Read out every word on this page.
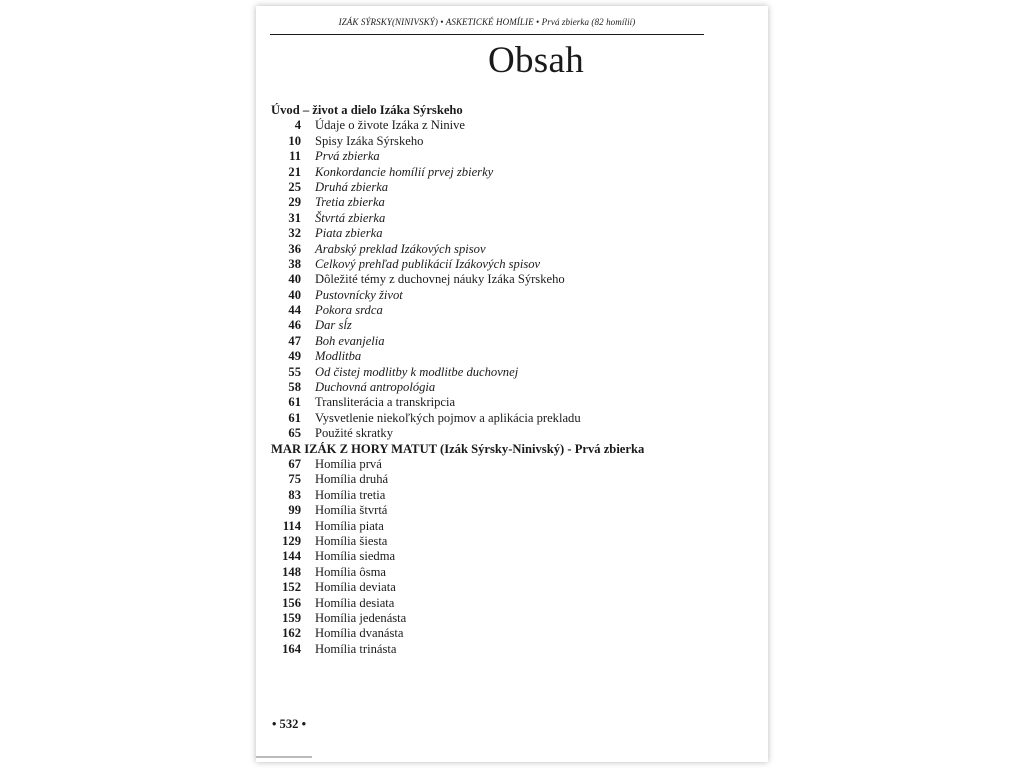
IZÁK SÝRSKY(NINIVSKÝ) • ASKETICKÉ HOMÍLIE • Prvá zbierka (82 homílií)
Obsah
Úvod – život a dielo Izáka Sýrskeho
4 Údaje o živote Izáka z Ninive
10 Spisy Izáka Sýrskeho
11 Prvá zbierka
21 Konkordancie homílií prvej zbierky
25 Druhá zbierka
29 Tretia zbierka
31 Štvrtá zbierka
32 Piata zbierka
36 Arabský preklad Izákových spisov
38 Celkový prehľad publikácií Izákových spisov
40 Dôležité témy z duchovnej náuky Izáka Sýrskeho
40 Pustovnícky život
44 Pokora srdca
46 Dar sĺz
47 Boh evanjelia
49 Modlitba
55 Od čistej modlitby k modlitbe duchovnej
58 Duchovná antropológia
61 Transliterácia a transkripcia
61 Vysvetlenie niekoľkých pojmov a aplikácia prekladu
65 Použité skratky
MAR IZÁK Z HORY MATUT (Izák Sýrsky-Ninivský) - Prvá zbierka
67 Homília prvá
75 Homília druhá
83 Homília tretia
99 Homília štvrtá
114 Homília piata
129 Homília šiesta
144 Homília siedma
148 Homília ôsma
152 Homília deviata
156 Homília desiata
159 Homília jedenásta
162 Homília dvanásta
164 Homília trinásta
• 532 •
